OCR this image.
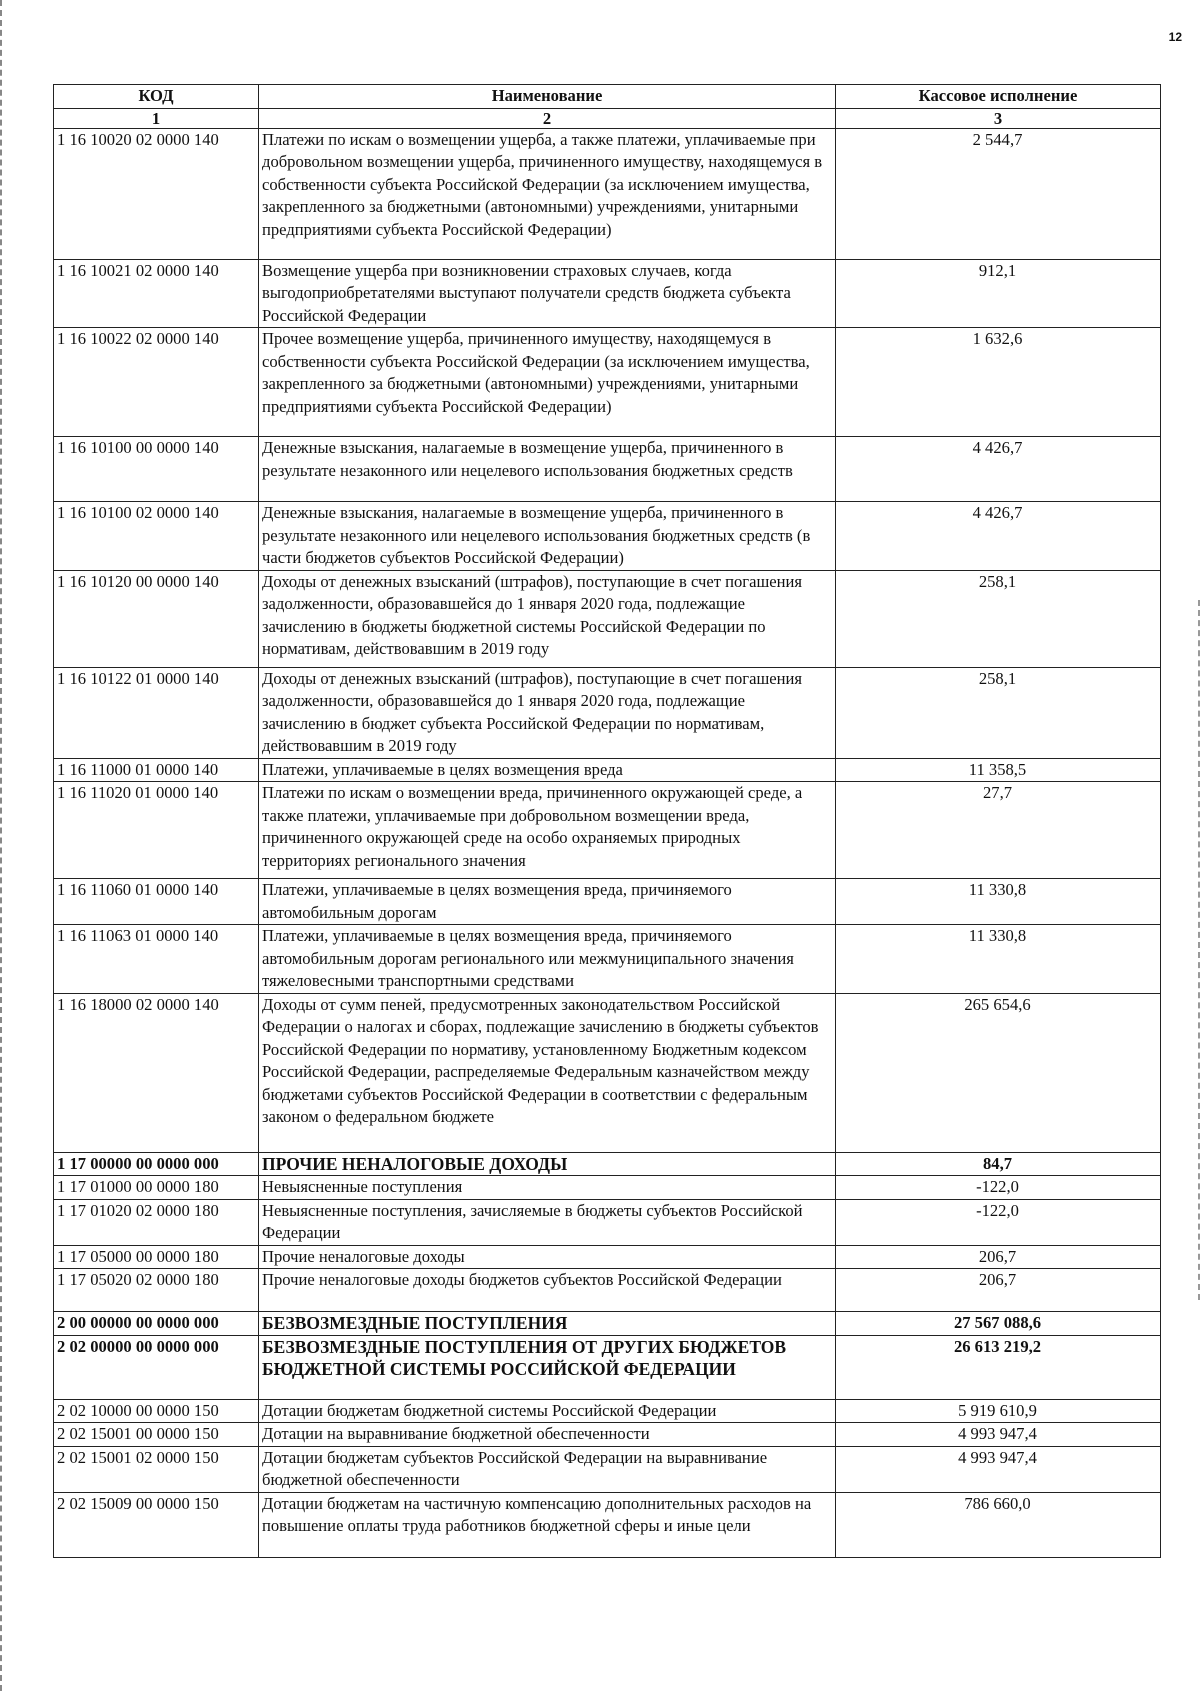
12
КОД	Наименование	Кассовое исполнение
1	2	3
1 16 10020 02 0000 140	Платежи по искам о возмещении ущерба, а также платежи, уплачиваемые при добровольном возмещении ущерба, причиненного имуществу, находящемуся в собственности субъекта Российской Федерации (за исключением имущества, закрепленного за бюджетными (автономными) учреждениями, унитарными предприятиями субъекта Российской Федерации)	2 544,7
1 16 10021 02 0000 140	Возмещение ущерба при возникновении страховых случаев, когда выгодоприобретателями выступают получатели средств бюджета субъекта Российской Федерации	912,1
1 16 10022 02 0000 140	Прочее возмещение ущерба, причиненного имуществу, находящемуся в собственности субъекта Российской Федерации (за исключением имущества, закрепленного за бюджетными (автономными) учреждениями, унитарными предприятиями субъекта Российской Федерации)	1 632,6
1 16 10100 00 0000 140	Денежные взыскания, налагаемые в возмещение ущерба, причиненного в результате незаконного или нецелевого использования бюджетных средств	4 426,7
1 16 10100 02 0000 140	Денежные взыскания, налагаемые в возмещение ущерба, причиненного в результате незаконного или нецелевого использования бюджетных средств (в части бюджетов субъектов Российской Федерации)	4 426,7
1 16 10120 00 0000 140	Доходы от денежных взысканий (штрафов), поступающие в счет погашения задолженности, образовавшейся до 1 января 2020 года, подлежащие зачислению в бюджеты бюджетной системы Российской Федерации по нормативам, действовавшим в 2019 году	258,1
1 16 10122 01 0000 140	Доходы от денежных взысканий (штрафов), поступающие в счет погашения задолженности, образовавшейся до 1 января 2020 года, подлежащие зачислению в бюджет субъекта Российской Федерации по нормативам, действовавшим в 2019 году	258,1
1 16 11000 01 0000 140	Платежи, уплачиваемые в целях возмещения вреда	11 358,5
1 16 11020 01 0000 140	Платежи по искам о возмещении вреда, причиненного окружающей среде, а также платежи, уплачиваемые при добровольном возмещении вреда, причиненного окружающей среде на особо охраняемых природных территориях регионального значения	27,7
1 16 11060 01 0000 140	Платежи, уплачиваемые в целях возмещения вреда, причиняемого автомобильным дорогам	11 330,8
1 16 11063 01 0000 140	Платежи, уплачиваемые в целях возмещения вреда, причиняемого автомобильным дорогам регионального или межмуниципального значения тяжеловесными транспортными средствами	11 330,8
1 16 18000 02 0000 140	Доходы от сумм пеней, предусмотренных законодательством Российской Федерации о налогах и сборах, подлежащие зачислению в бюджеты субъектов Российской Федерации по нормативу, установленному Бюджетным кодексом Российской Федерации, распределяемые Федеральным казначейством между бюджетами субъектов Российской Федерации в соответствии с федеральным законом о федеральном бюджете	265 654,6
1 17 00000 00 0000 000	ПРОЧИЕ НЕНАЛОГОВЫЕ ДОХОДЫ	84,7
1 17 01000 00 0000 180	Невыясненные поступления	-122,0
1 17 01020 02 0000 180	Невыясненные поступления, зачисляемые в бюджеты субъектов Российской Федерации	-122,0
1 17 05000 00 0000 180	Прочие неналоговые доходы	206,7
1 17 05020 02 0000 180	Прочие неналоговые доходы бюджетов субъектов Российской Федерации	206,7
2 00 00000 00 0000 000	БЕЗВОЗМЕЗДНЫЕ ПОСТУПЛЕНИЯ	27 567 088,6
2 02 00000 00 0000 000	БЕЗВОЗМЕЗДНЫЕ ПОСТУПЛЕНИЯ ОТ ДРУГИХ БЮДЖЕТОВ БЮДЖЕТНОЙ СИСТЕМЫ РОССИЙСКОЙ ФЕДЕРАЦИИ	26 613 219,2
2 02 10000 00 0000 150	Дотации бюджетам бюджетной системы Российской Федерации	5 919 610,9
2 02 15001 00 0000 150	Дотации на выравнивание бюджетной обеспеченности	4 993 947,4
2 02 15001 02 0000 150	Дотации бюджетам субъектов Российской Федерации на выравнивание бюджетной обеспеченности	4 993 947,4
2 02 15009 00 0000 150	Дотации бюджетам на частичную компенсацию дополнительных расходов на повышение оплаты труда работников бюджетной сферы и иные цели	786 660,0
